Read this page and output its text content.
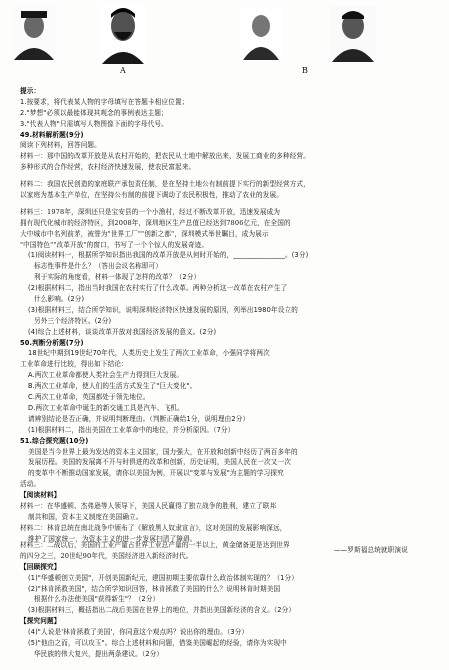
A	B
提示：
1.按要求，将代表某人物的字母填写在答题卡相应位置；
2."梦想"必须以最能体现其观念的事例表达主题；
3."代表人物"只需填写人物图像下面的字母代号。
49.材料解析题(9分)
阅读下列材料，回答问题。
材料一：那中国的改革开放是从农村开始的，把农民从土地中解放出来，发展工商业的多种经营。
多种形式的合作经营，农村经济快速发展，使农民富起来。
材料二：我国农民创造的家庭联产承包责任制，是在坚持土地公有制前提下实行的新型经营方式，
以家庭为基本生产单位，在坚持公有制的前提下调动了农民积极性，推动了农业的发展。
材料三：1978年，深圳还只是宝安县的一个小渔村，经过不断改革开放，迅速发展成为
拥有现代化城市的经济特区，到2008年，深圳地区生产总值已经达到7806亿元，在全国的
大中城市中名列前茅，被誉为"世界工厂""创新之都"，深圳模式举世瞩目，成为展示
"中国特色""改革开放"的窗口，书写了一个个惊人的发展奇迹。
(1)阅读材料一，根据所学知识指出我国的改革开放是从何时开始的，_______________。(3分)
标志性事件是什么？（答出会议名称即可）
利于实际的角度看，材料一体现了怎样的改革？（2分）
(2)根据材料二，指出当时我国在农村实行了什么改革。两种分析这一改革在农村产生了
什么影响。(2分)
(3)根据材料三，结合所学知识，说明深圳经济特区快速发展的原因，列举出1980年设立的
另外三个经济特区。(2分)
(4)综合上述材料，谈谈改革开放对我国经济发展的意义。(2分)
50.判断分析题(7分)
18世纪中期到19世纪70年代，人类历史上发生了两次工业革命，小强同学将两次
工业革命进行比较，得出如下结论：
A.两次工业革命都使人类社会生产力得到巨大发展。
B.两次工业革命，使人们的生活方式发生了"巨大变化"。
C.两次工业革命，英国都处于领先地位。
D.两次工业革命中诞生的新交通工具是汽车、飞机。
请辨别结论是否正确，并说明判断理由。（判断正确给1分，说明理由2分）
(1)根据材料二，指出美国在工业革命中的地位，并分析原因。（7分）
51.综合探究题(10分)
美国是当今世界上最为发达的资本主义国家，国力强大，在开放和创新中经历了两百多年的
发展历程。美国的发展离不开与时俱进的改革和创新，历史证明，美国人民在一次又一次
的变革中不断推动国家发展，请你以美国为例，开展以"变革与发展"为主题的学习探究
活动。
【阅读材料】
材料一：在华盛顿、杰弗逊等人领导下，美国人民赢得了独立战争的胜利，建立了联邦
制共和国，资本主义制度在美国确立。
材料二：林肯总统在南北战争中颁布了《解放黑人奴隶宣言》，这对美国的发展影响深远，
维护了国家统一，为资本主义的进一步发展扫清了障碍。
——罗斯福总统就职演说
材料三：二战以后，美国的工业产量占世界工业总产量的一半以上，黄金储备更是达到世界
的四分之三，20世纪90年代，美国经济进入新经济时代。
【回顾探究】
(1)"华盛顿创立美国"，开创美国新纪元，建国初期主要依靠什么政治体制实现的？（1分）
(2)"林肯拯救美国"，结合所学知识回答，林肯拯救了美国的什么？说明林肯时期美国
根据什么办法使美国"获得新生"？（2分）
(3)根据材料三，概括指出二战后美国在世界上的地位，并指出美国新经济的含义。（2分）
【探究问题】
(4)"人说是'林肯拯救了美国'，你同意这个观点吗？说出你的理由。（3分）
(5)"他由之而，可以攻玉"。综合上述材料和问题，借鉴美国崛起的经验，请你为实现中
华民族的伟大复兴，提出两条建议。（2分）
